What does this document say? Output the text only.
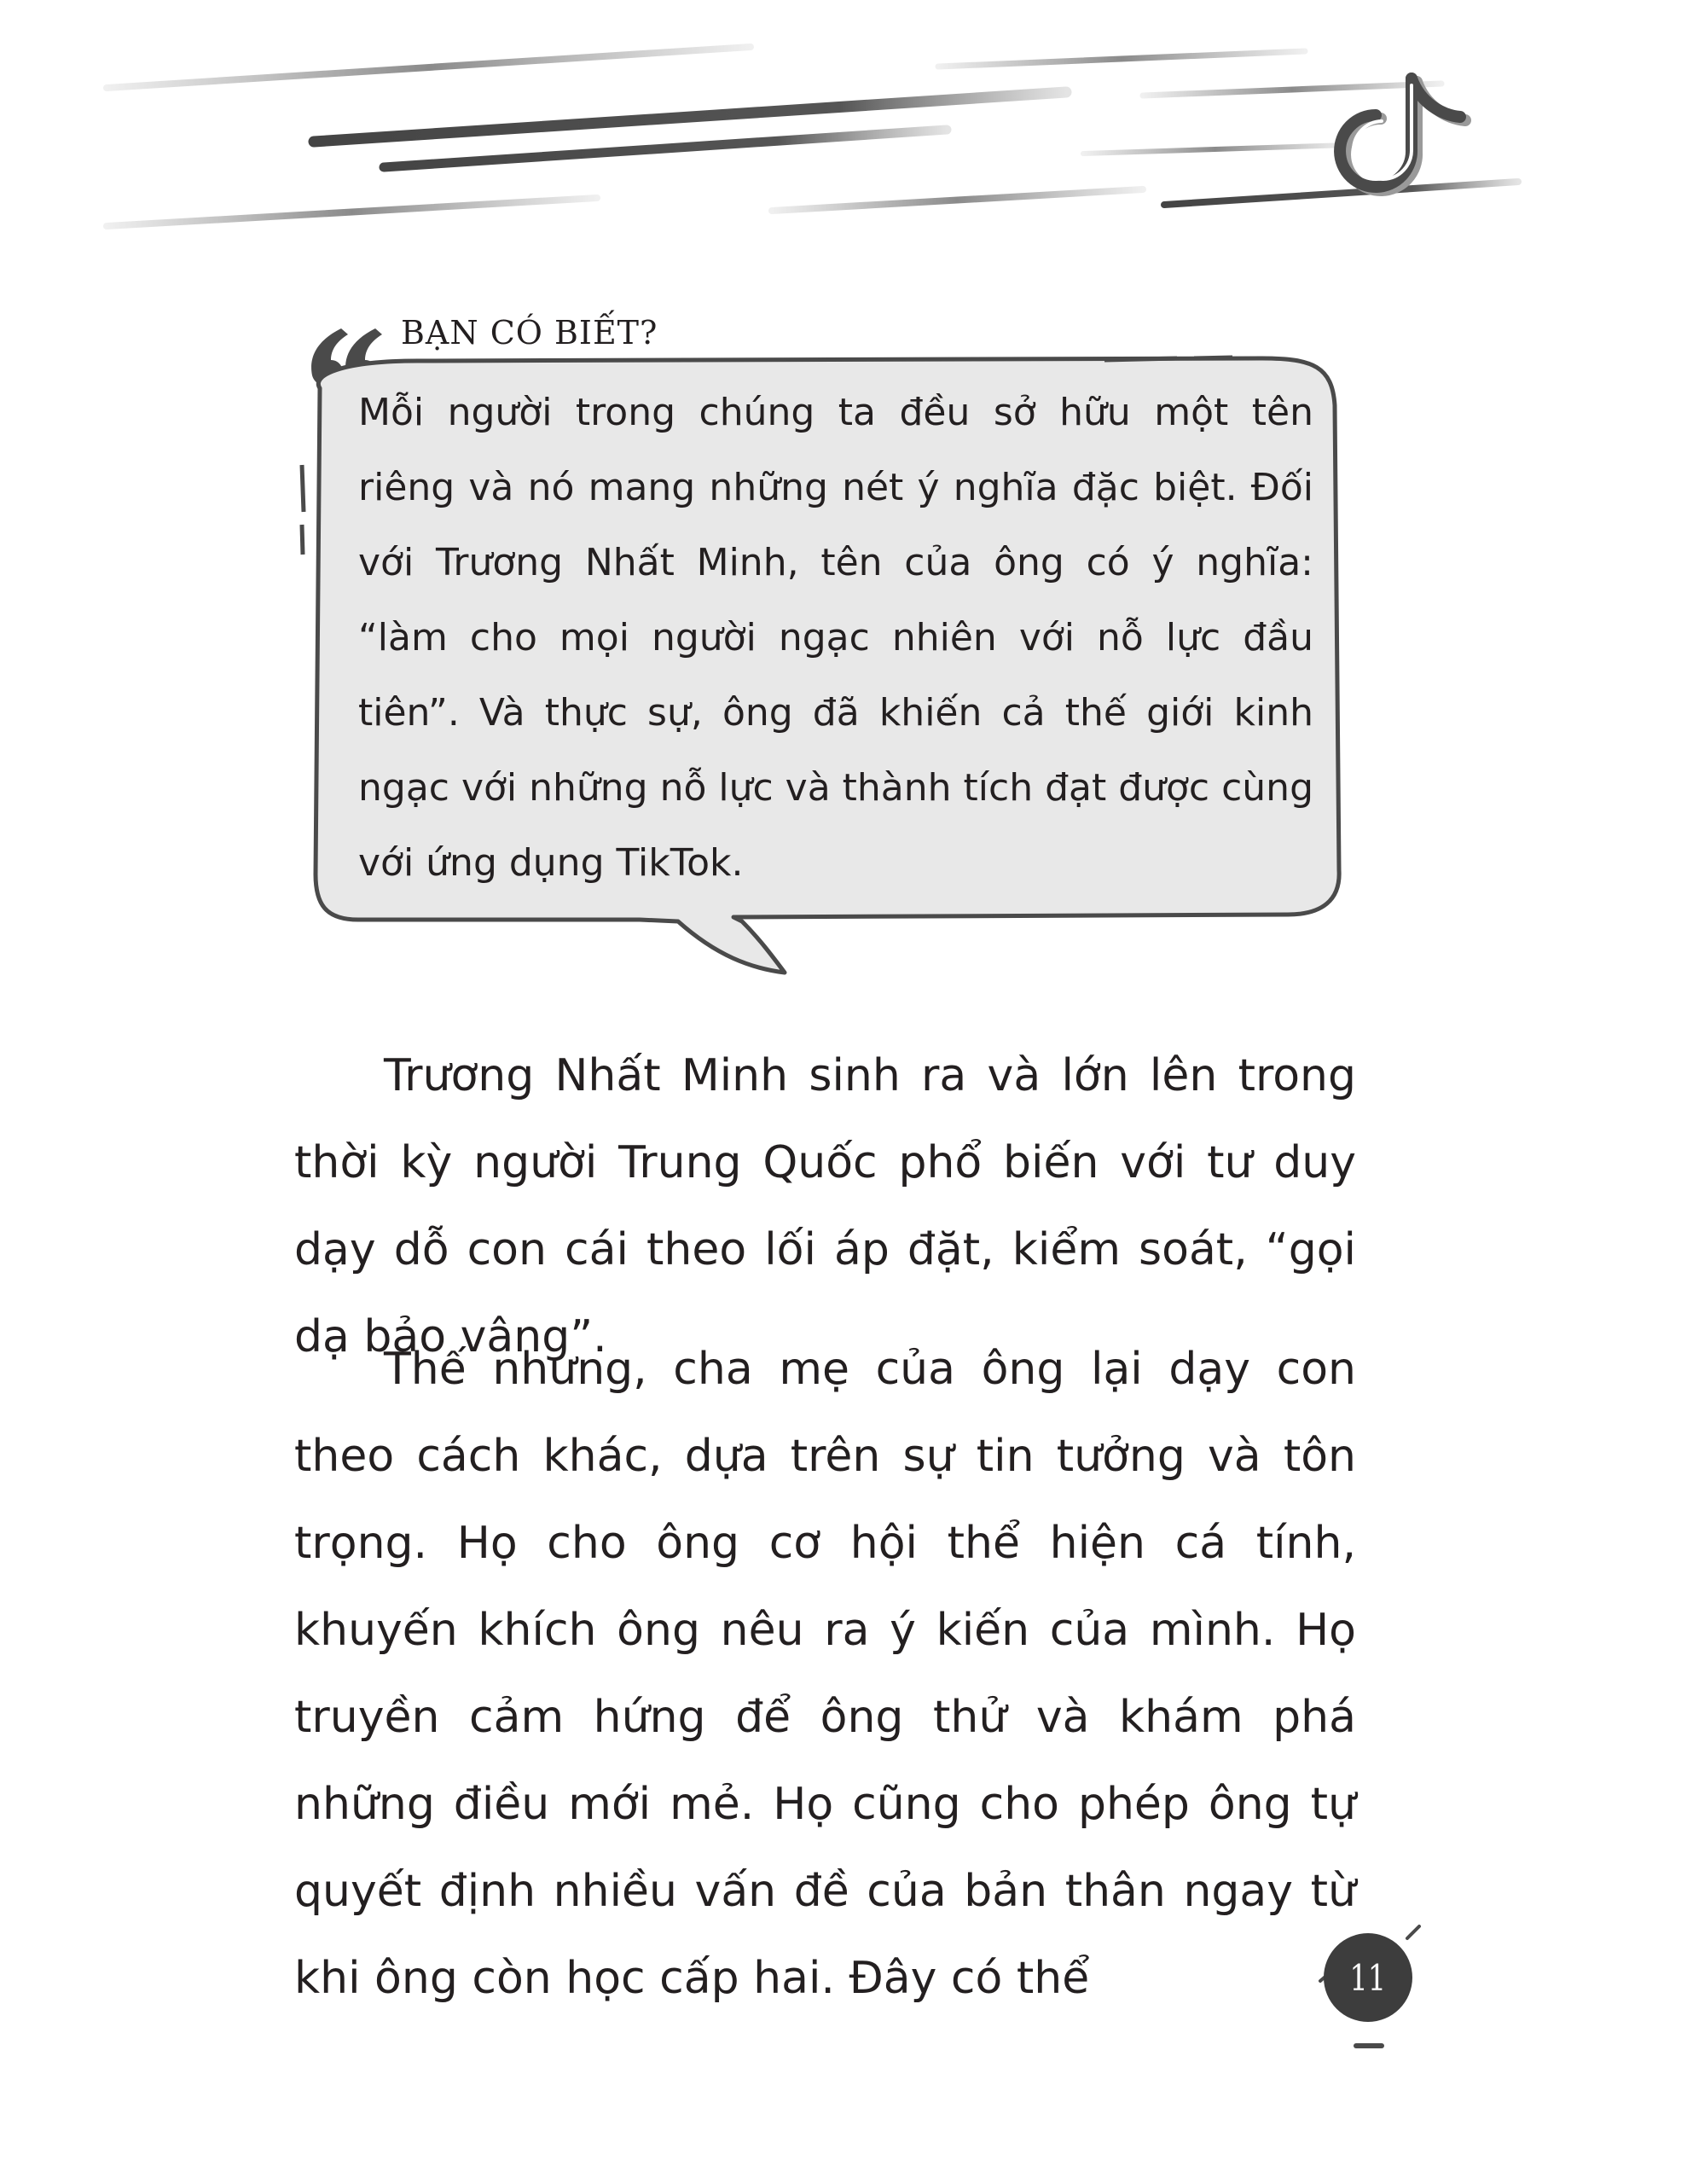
BẠN CÓ BIẾT?

Mỗi người trong chúng ta đều sở hữu một tên riêng và nó mang những nét ý nghĩa đặc biệt. Đối với Trương Nhất Minh, tên của ông có ý nghĩa: “làm cho mọi người ngạc nhiên với nỗ lực đầu tiên”. Và thực sự, ông đã khiến cả thế giới kinh ngạc với những nỗ lực và thành tích đạt được cùng với ứng dụng TikTok.

Trương Nhất Minh sinh ra và lớn lên trong thời kỳ người Trung Quốc phổ biến với tư duy dạy dỗ con cái theo lối áp đặt, kiểm soát, “gọi dạ bảo vâng”.

Thế nhưng, cha mẹ của ông lại dạy con theo cách khác, dựa trên sự tin tưởng và tôn trọng. Họ cho ông cơ hội thể hiện cá tính, khuyến khích ông nêu ra ý kiến của mình. Họ truyền cảm hứng để ông thử và khám phá những điều mới mẻ. Họ cũng cho phép ông tự quyết định nhiều vấn đề của bản thân ngay từ khi ông còn học cấp hai. Đây có thể	11
